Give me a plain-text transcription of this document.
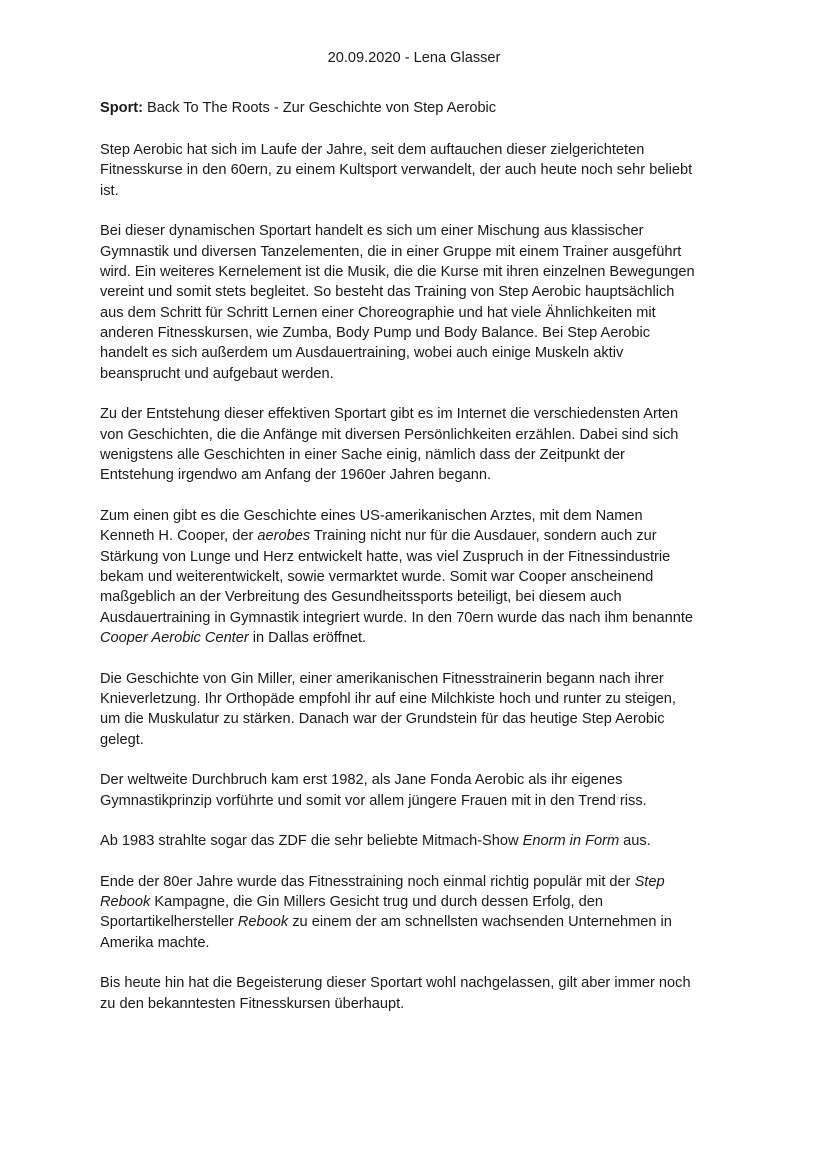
20.09.2020 - Lena Glasser
Sport: Back To The Roots - Zur Geschichte von Step Aerobic
Step Aerobic hat sich im Laufe der Jahre, seit dem auftauchen dieser zielgerichteten
Fitnesskurse in den 60ern, zu einem Kultsport verwandelt, der auch heute noch sehr beliebt
ist.
Bei dieser dynamischen Sportart handelt es sich um einer Mischung aus klassischer
Gymnastik und diversen Tanzelementen, die in einer Gruppe mit einem Trainer ausgeführt
wird. Ein weiteres Kernelement ist die Musik, die die Kurse mit ihren einzelnen Bewegungen
vereint und somit stets begleitet. So besteht das Training von Step Aerobic hauptsächlich
aus dem Schritt für Schritt Lernen einer Choreographie und hat viele Ähnlichkeiten mit
anderen Fitnesskursen, wie Zumba, Body Pump und Body Balance. Bei Step Aerobic
handelt es sich außerdem um Ausdauertraining, wobei auch einige Muskeln aktiv
beansprucht und aufgebaut werden.
Zu der Entstehung dieser effektiven Sportart gibt es im Internet die verschiedensten Arten
von Geschichten, die die Anfänge mit diversen Persönlichkeiten erzählen. Dabei sind sich
wenigstens alle Geschichten in einer Sache einig, nämlich dass der Zeitpunkt der
Entstehung irgendwo am Anfang der 1960er Jahren begann.
Zum einen gibt es die Geschichte eines US-amerikanischen Arztes, mit dem Namen
Kenneth H. Cooper, der aerobes Training nicht nur für die Ausdauer, sondern auch zur
Stärkung von Lunge und Herz entwickelt hatte, was viel Zuspruch in der Fitnessindustrie
bekam und weiterentwickelt, sowie vermarktet wurde. Somit war Cooper anscheinend
maßgeblich an der Verbreitung des Gesundheitssports beteiligt, bei diesem auch
Ausdauertraining in Gymnastik integriert wurde. In den 70ern wurde das nach ihm benannte
Cooper Aerobic Center in Dallas eröffnet.
Die Geschichte von Gin Miller, einer amerikanischen Fitnesstrainerin begann nach ihrer
Knieverletzung. Ihr Orthopäde empfohl ihr auf eine Milchkiste hoch und runter zu steigen,
um die Muskulatur zu stärken. Danach war der Grundstein für das heutige Step Aerobic
gelegt.
Der weltweite Durchbruch kam erst 1982, als Jane Fonda Aerobic als ihr eigenes
Gymnastikprinzip vorführte und somit vor allem jüngere Frauen mit in den Trend riss.
Ab 1983 strahlte sogar das ZDF die sehr beliebte Mitmach-Show Enorm in Form aus.
Ende der 80er Jahre wurde das Fitnesstraining noch einmal richtig populär mit der Step
Rebook Kampagne, die Gin Millers Gesicht trug und durch dessen Erfolg, den
Sportartikelhersteller Rebook zu einem der am schnellsten wachsenden Unternehmen in
Amerika machte.
Bis heute hin hat die Begeisterung dieser Sportart wohl nachgelassen, gilt aber immer noch
zu den bekanntesten Fitnesskursen überhaupt.
